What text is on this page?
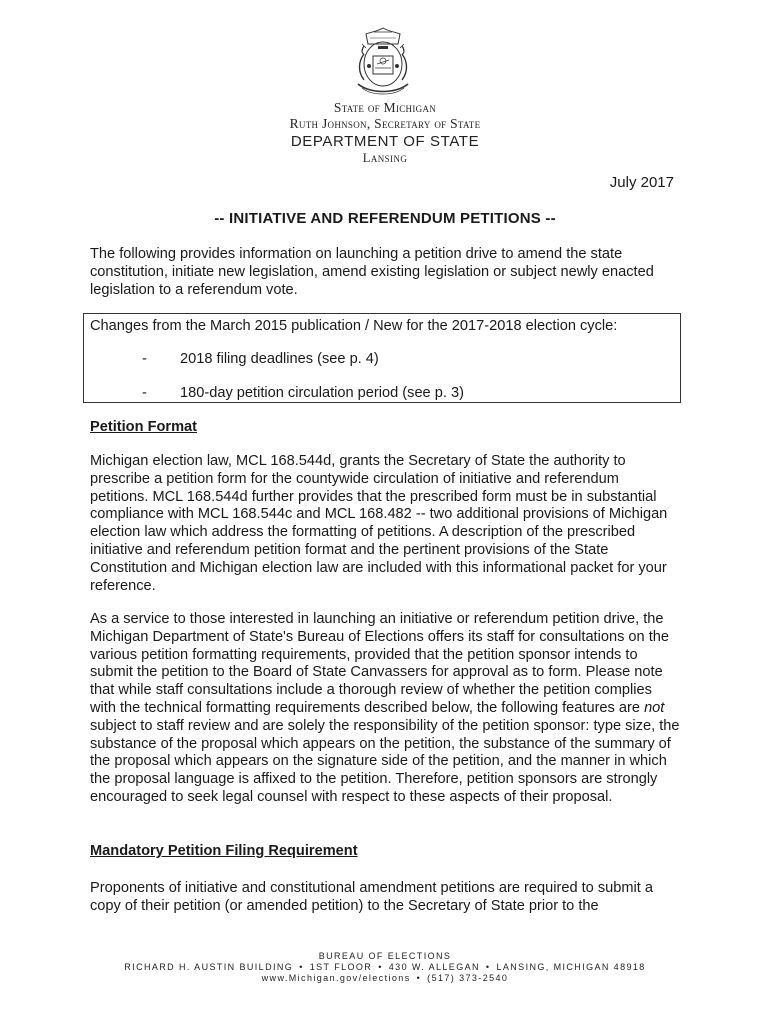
State of Michigan
Ruth Johnson, Secretary of State
DEPARTMENT OF STATE
Lansing
July 2017
-- INITIATIVE AND REFERENDUM PETITIONS --
The following provides information on launching a petition drive to amend the state constitution, initiate new legislation, amend existing legislation or subject newly enacted legislation to a referendum vote.
Changes from the March 2015 publication / New for the 2017-2018 election cycle:
- 2018 filing deadlines (see p. 4)
- 180-day petition circulation period (see p. 3)
Petition Format
Michigan election law, MCL 168.544d, grants the Secretary of State the authority to prescribe a petition form for the countywide circulation of initiative and referendum petitions. MCL 168.544d further provides that the prescribed form must be in substantial compliance with MCL 168.544c and MCL 168.482 -- two additional provisions of Michigan election law which address the formatting of petitions. A description of the prescribed initiative and referendum petition format and the pertinent provisions of the State Constitution and Michigan election law are included with this informational packet for your reference.
As a service to those interested in launching an initiative or referendum petition drive, the Michigan Department of State's Bureau of Elections offers its staff for consultations on the various petition formatting requirements, provided that the petition sponsor intends to submit the petition to the Board of State Canvassers for approval as to form. Please note that while staff consultations include a thorough review of whether the petition complies with the technical formatting requirements described below, the following features are not subject to staff review and are solely the responsibility of the petition sponsor: type size, the substance of the proposal which appears on the petition, the substance of the summary of the proposal which appears on the signature side of the petition, and the manner in which the proposal language is affixed to the petition. Therefore, petition sponsors are strongly encouraged to seek legal counsel with respect to these aspects of their proposal.
Mandatory Petition Filing Requirement
Proponents of initiative and constitutional amendment petitions are required to submit a copy of their petition (or amended petition) to the Secretary of State prior to the
BUREAU OF ELECTIONS
RICHARD H. AUSTIN BUILDING • 1ST FLOOR • 430 W. ALLEGAN • LANSING, MICHIGAN 48918
www.Michigan.gov/elections • (517) 373-2540
